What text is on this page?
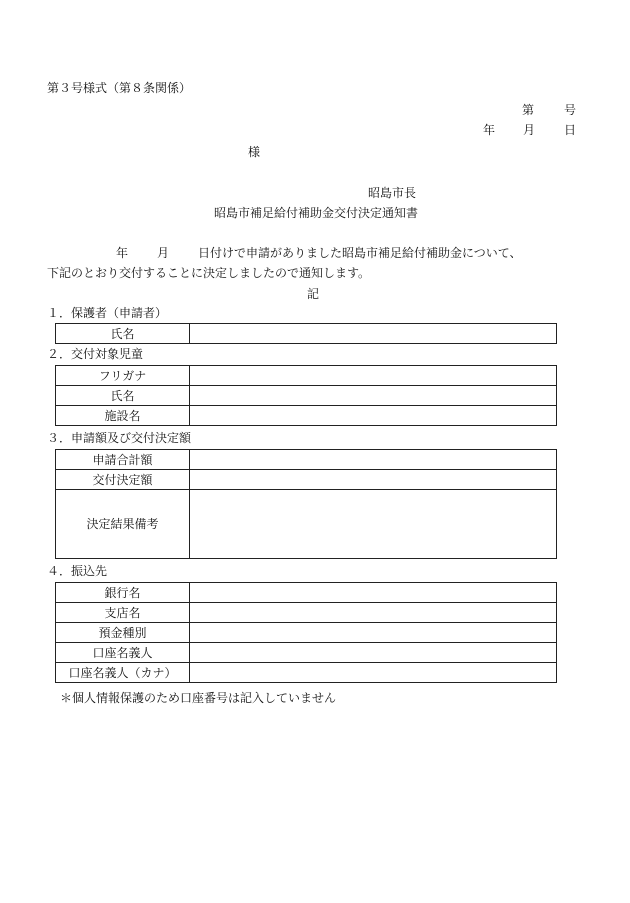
第３号様式（第８条関係）
第 号
年 月 日
様
昭島市長
昭島市補足給付補助金交付決定通知書
年 月 日付けで申請がありました昭島市補足給付補助金について、
下記のとおり交付することに決定しましたので通知します。
記
１．保護者（申請者）
氏名	
２．交付対象児童
フリガナ	
氏名	
施設名	
３．申請額及び交付決定額
申請合計額	
交付決定額	
決定結果備考	
４．振込先
銀行名	
支店名	
預金種別	
口座名義人	
口座名義人（カナ）	
＊個人情報保護のため口座番号は記入していません
